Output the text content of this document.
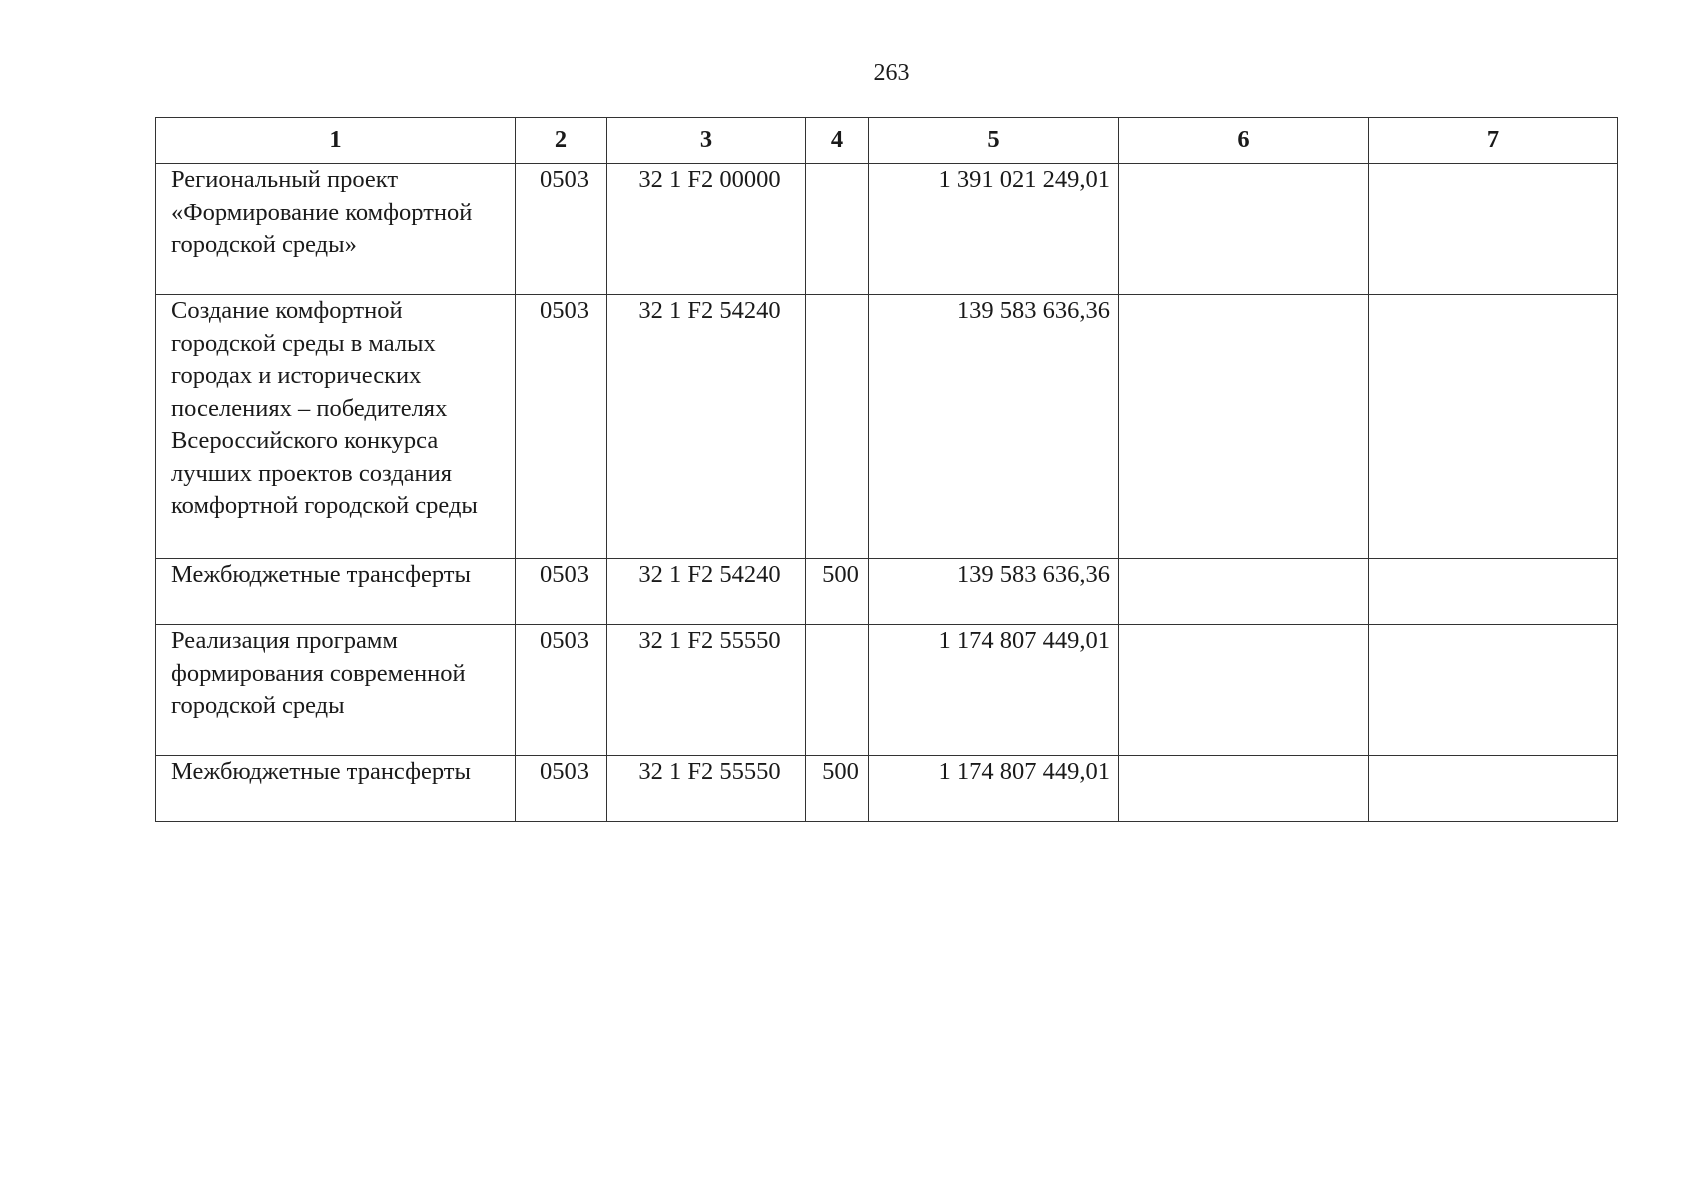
263
1	2	3	4	5	6	7
Региональный проект «Формирование комфортной городской среды»	0503	32 1 F2 00000		1 391 021 249,01		
Создание комфортной городской среды в малых городах и исторических поселениях – победителях Всероссийского конкурса лучших проектов создания комфортной городской среды	0503	32 1 F2 54240		139 583 636,36		
Межбюджетные трансферты	0503	32 1 F2 54240	500	139 583 636,36		
Реализация программ формирования современной городской среды	0503	32 1 F2 55550		1 174 807 449,01		
Межбюджетные трансферты	0503	32 1 F2 55550	500	1 174 807 449,01		
